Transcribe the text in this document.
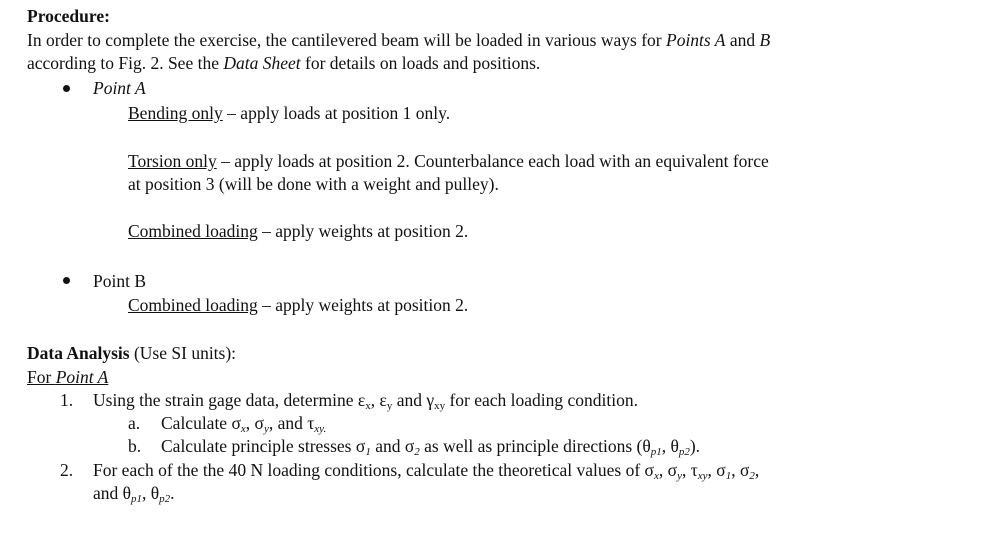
Procedure:
In order to complete the exercise, the cantilevered beam will be loaded in various ways for Points A and B
according to Fig. 2. See the Data Sheet for details on loads and positions.
Point A
Bending only – apply loads at position 1 only.
Torsion only – apply loads at position 2. Counterbalance each load with an equivalent force
at position 3 (will be done with a weight and pulley).
Combined loading – apply weights at position 2.
Point B
Combined loading – apply weights at position 2.
Data Analysis (Use SI units):
For Point A
1. Using the strain gage data, determine $\varepsilon_x$, $\varepsilon_y$ and $\gamma_{xy}$ for each loading condition.
a. Calculate $\sigma_x$, $\sigma_y$, and $\tau_{xy.}$
b. Calculate principle stresses $\sigma_1$ and $\sigma_2$ as well as principle directions ($\theta_{p1}$, $\theta_{p2}$).
2. For each of the the 40 N loading conditions, calculate the theoretical values of $\sigma_x$, $\sigma_y$, $\tau_{xy}$, $\sigma_1$, $\sigma_2$,
and $\theta_{p1}$, $\theta_{p2}$.
